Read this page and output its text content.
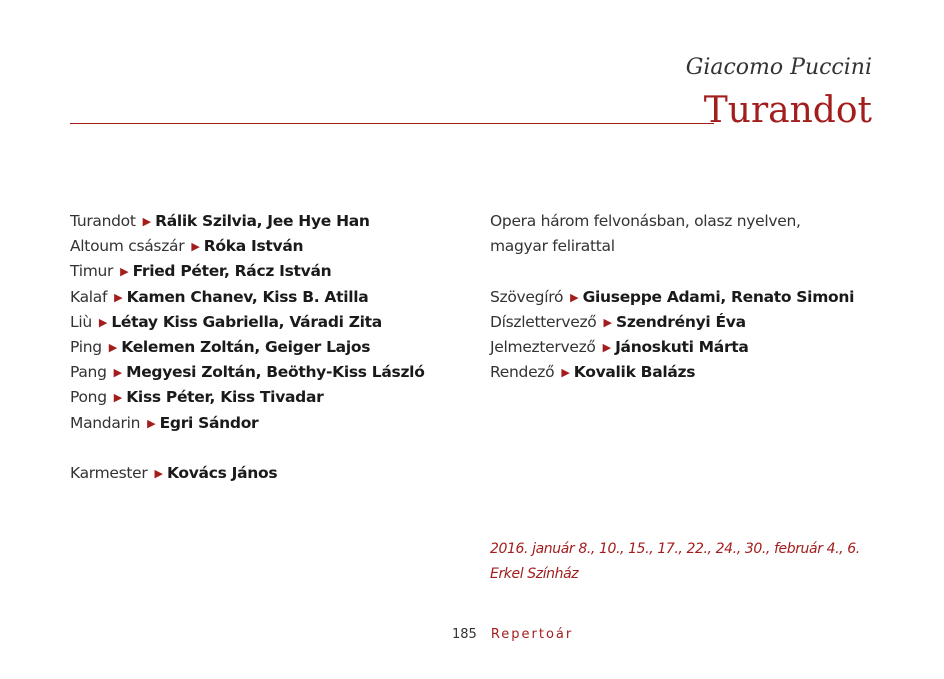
Giacomo Puccini
Turandot
Turandot ▶ Rálik Szilvia, Jee Hye Han
Altoum császár ▶ Róka István
Timur ▶ Fried Péter, Rácz István
Kalaf ▶ Kamen Chanev, Kiss B. Atilla
Liù ▶ Létay Kiss Gabriella, Váradi Zita
Ping ▶ Kelemen Zoltán, Geiger Lajos
Pang ▶ Megyesi Zoltán, Beöthy-Kiss László
Pong ▶ Kiss Péter, Kiss Tivadar
Mandarin ▶ Egri Sándor
Karmester ▶ Kovács János
Opera három felvonásban, olasz nyelven,
magyar felirattal
Szövegíró ▶ Giuseppe Adami, Renato Simoni
Díszlettervező ▶ Szendrényi Éva
Jelmeztervező ▶ Jánoskuti Márta
Rendező ▶ Kovalik Balázs
2016. január 8., 10., 15., 17., 22., 24., 30., február 4., 6.
Erkel Színház
185 Repertoár
